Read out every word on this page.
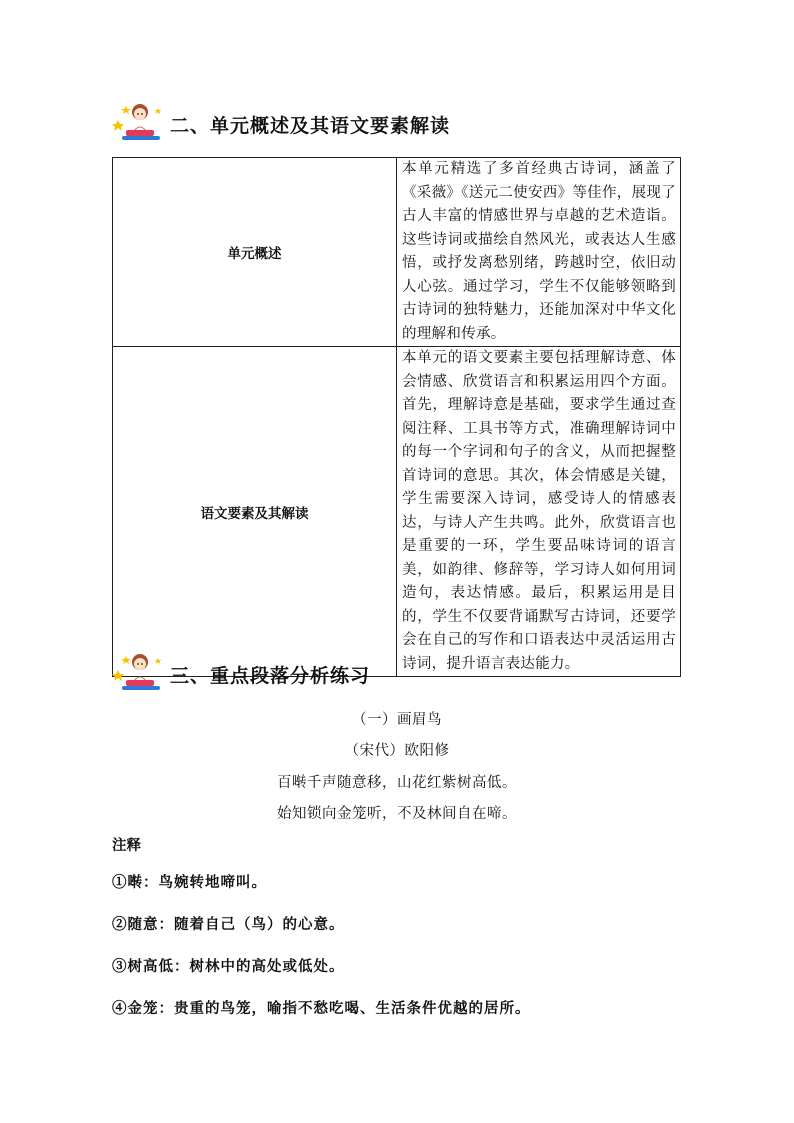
二、单元概述及其语文要素解读
单元概述	本单元精选了多首经典古诗词，涵盖了《采薇》《送元二使安西》等佳作，展现了古人丰富的情感世界与卓越的艺术造诣。这些诗词或描绘自然风光，或表达人生感悟，或抒发离愁别绪，跨越时空，依旧动人心弦。通过学习，学生不仅能够领略到古诗词的独特魅力，还能加深对中华文化的理解和传承。
语文要素及其解读	本单元的语文要素主要包括理解诗意、体会情感、欣赏语言和积累运用四个方面。首先，理解诗意是基础，要求学生通过查阅注释、工具书等方式，准确理解诗词中的每一个字词和句子的含义，从而把握整首诗词的意思。其次，体会情感是关键，学生需要深入诗词，感受诗人的情感表达，与诗人产生共鸣。此外，欣赏语言也是重要的一环，学生要品味诗词的语言美，如韵律、修辞等，学习诗人如何用词造句，表达情感。最后，积累运用是目的，学生不仅要背诵默写古诗词，还要学会在自己的写作和口语表达中灵活运用古诗词，提升语言表达能力。
三、重点段落分析练习
（一）画眉鸟
（宋代）欧阳修
百啭千声随意移，山花红紫树高低。
始知锁向金笼听，不及林间自在啼。
注释
①啭：鸟婉转地啼叫。
②随意：随着自己（鸟）的心意。
③树高低：树林中的高处或低处。
④金笼：贵重的鸟笼，喻指不愁吃喝、生活条件优越的居所。
